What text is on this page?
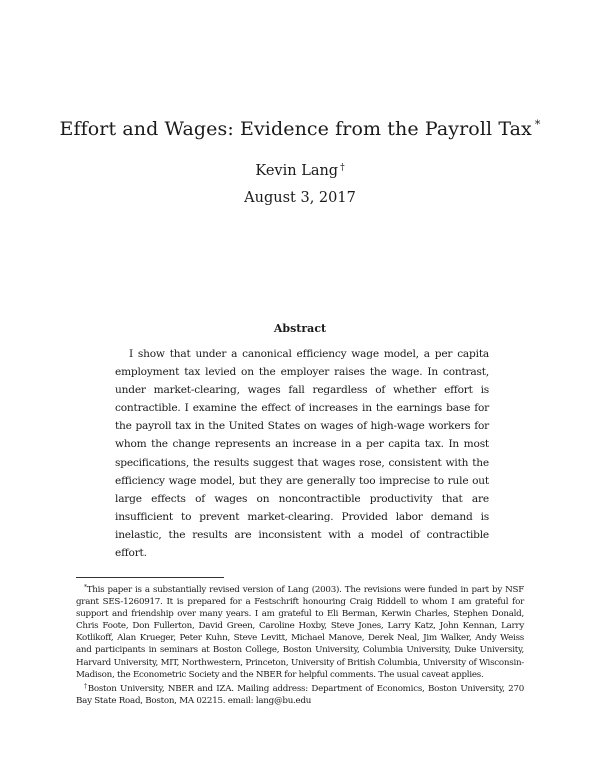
Effort and Wages: Evidence from the Payroll Tax *
Kevin Lang †
August 3, 2017
Abstract
I show that under a canonical efficiency wage model, a per capita employment tax levied on the employer raises the wage. In contrast, under market-clearing, wages fall regardless of whether effort is contractible. I examine the effect of increases in the earnings base for the payroll tax in the United States on wages of high-wage workers for whom the change represents an increase in a per capita tax. In most specifications, the results suggest that wages rose, consistent with the efficiency wage model, but they are generally too imprecise to rule out large effects of wages on noncontractible productivity that are insufficient to prevent market-clearing. Provided labor demand is inelastic, the results are inconsistent with a model of contractible effort.

*This paper is a substantially revised version of Lang (2003). The revisions were funded in part by NSF grant SES-1260917. It is prepared for a Festschrift honouring Craig Riddell to whom I am grateful for support and friendship over many years. I am grateful to Eli Berman, Kerwin Charles, Stephen Donald, Chris Foote, Don Fullerton, David Green, Caroline Hoxby, Steve Jones, Larry Katz, John Kennan, Larry Kotlikoff, Alan Krueger, Peter Kuhn, Steve Levitt, Michael Manove, Derek Neal, Jim Walker, Andy Weiss and participants in seminars at Boston College, Boston University, Columbia University, Duke University, Harvard University, MIT, Northwestern, Princeton, University of British Columbia, University of Wisconsin-Madison, the Econometric Society and the NBER for helpful comments. The usual caveat applies.

†Boston University, NBER and IZA. Mailing address: Department of Economics, Boston University, 270 Bay State Road, Boston, MA 02215. email: lang@bu.edu
